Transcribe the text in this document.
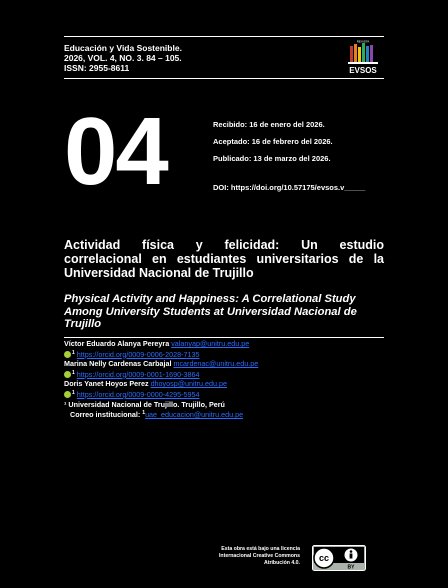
Educación y Vida Sostenible.
2026, VOL. 4, NO. 3. 84 – 105.
ISSN: 2955-8611
REVISTA
EVSOS
04	Recibido: 16 de enero del 2026.
Aceptado: 16 de febrero del 2026.
Publicado: 13 de marzo del 2026.
DOI: https://doi.org/10.57175/evsos.v_____
Actividad física y felicidad: Un estudio
correlacional en estudiantes universitarios de la
Universidad Nacional de Trujillo
Physical Activity and Happiness: A Correlational Study Among University Students at Universidad Nacional de Trujillo
Víctor Eduardo Alanya Pereyra valanyap@unitru.edu.pe
$^1$ https://orcid.org/0009-0006-2028-7135
Marina Nelly Cardenas Carbajal mcardenac@unitru.edu.pe
$^1$ https://orcid.org/0009-0001-1690-3864
Doris Yanet Hoyos Perez dhoyosp@unitru.edu.pe
$^1$ https://orcid.org/0009-0000-4295-5954
¹ Universidad Nacional de Trujillo. Trujillo, Perú
Correo institucional: $^1$uae_educacion@unitru.edu.pe
Esta obra está bajo una licencia
Internacional Creative Commons
Atribución 4.0. cc
BY
